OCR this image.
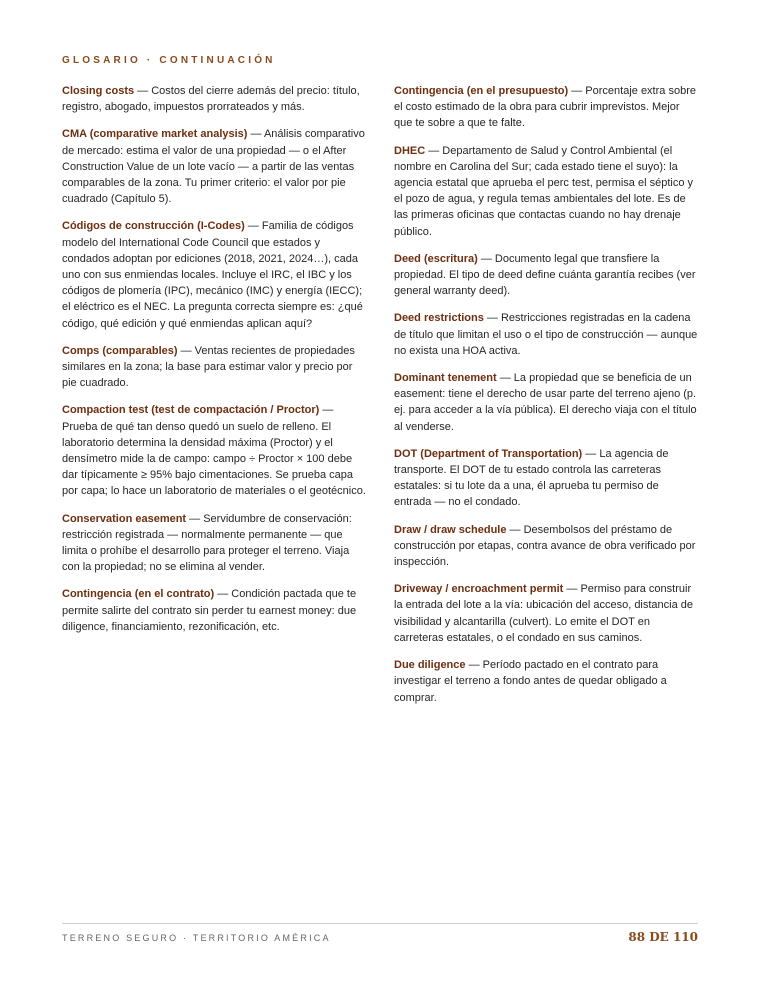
GLOSARIO · CONTINUACIÓN

Closing costs — Costos del cierre además del precio: título, registro, abogado, impuestos prorrateados y más.

CMA (comparative market analysis) — Análisis comparativo de mercado: estima el valor de una propiedad — o el After Construction Value de un lote vacío — a partir de las ventas comparables de la zona. Tu primer criterio: el valor por pie cuadrado (Capítulo 5).

Códigos de construcción (I-Codes) — Familia de códigos modelo del International Code Council que estados y condados adoptan por ediciones (2018, 2021, 2024…), cada uno con sus enmiendas locales. Incluye el IRC, el IBC y los códigos de plomería (IPC), mecánico (IMC) y energía (IECC); el eléctrico es el NEC. La pregunta correcta siempre es: ¿qué código, qué edición y qué enmiendas aplican aquí?

Comps (comparables) — Ventas recientes de propiedades similares en la zona; la base para estimar valor y precio por pie cuadrado.

Compaction test (test de compactación / Proctor) — Prueba de qué tan denso quedó un suelo de relleno. El laboratorio determina la densidad máxima (Proctor) y el densímetro mide la de campo: campo ÷ Proctor × 100 debe dar típicamente ≥ 95% bajo cimentaciones. Se prueba capa por capa; lo hace un laboratorio de materiales o el geotécnico.

Conservation easement — Servidumbre de conservación: restricción registrada — normalmente permanente — que limita o prohíbe el desarrollo para proteger el terreno. Viaja con la propiedad; no se elimina al vender.

Contingencia (en el contrato) — Condición pactada que te permite salirte del contrato sin perder tu earnest money: due diligence, financiamiento, rezonificación, etc.

Contingencia (en el presupuesto) — Porcentaje extra sobre el costo estimado de la obra para cubrir imprevistos. Mejor que te sobre a que te falte.

DHEC — Departamento de Salud y Control Ambiental (el nombre en Carolina del Sur; cada estado tiene el suyo): la agencia estatal que aprueba el perc test, permisa el séptico y el pozo de agua, y regula temas ambientales del lote. Es de las primeras oficinas que contactas cuando no hay drenaje público.

Deed (escritura) — Documento legal que transfiere la propiedad. El tipo de deed define cuánta garantía recibes (ver general warranty deed).

Deed restrictions — Restricciones registradas en la cadena de título que limitan el uso o el tipo de construcción — aunque no exista una HOA activa.

Dominant tenement — La propiedad que se beneficia de un easement: tiene el derecho de usar parte del terreno ajeno (p. ej. para acceder a la vía pública). El derecho viaja con el título al venderse.

DOT (Department of Transportation) — La agencia de transporte. El DOT de tu estado controla las carreteras estatales: si tu lote da a una, él aprueba tu permiso de entrada — no el condado.

Draw / draw schedule — Desembolsos del préstamo de construcción por etapas, contra avance de obra verificado por inspección.

Driveway / encroachment permit — Permiso para construir la entrada del lote a la vía: ubicación del acceso, distancia de visibilidad y alcantarilla (culvert). Lo emite el DOT en carreteras estatales, o el condado en sus caminos.

Due diligence — Período pactado en el contrato para investigar el terreno a fondo antes de quedar obligado a comprar.

TERRENO SEGURO · TERRITORIO AMÉRICA	88 DE 110
